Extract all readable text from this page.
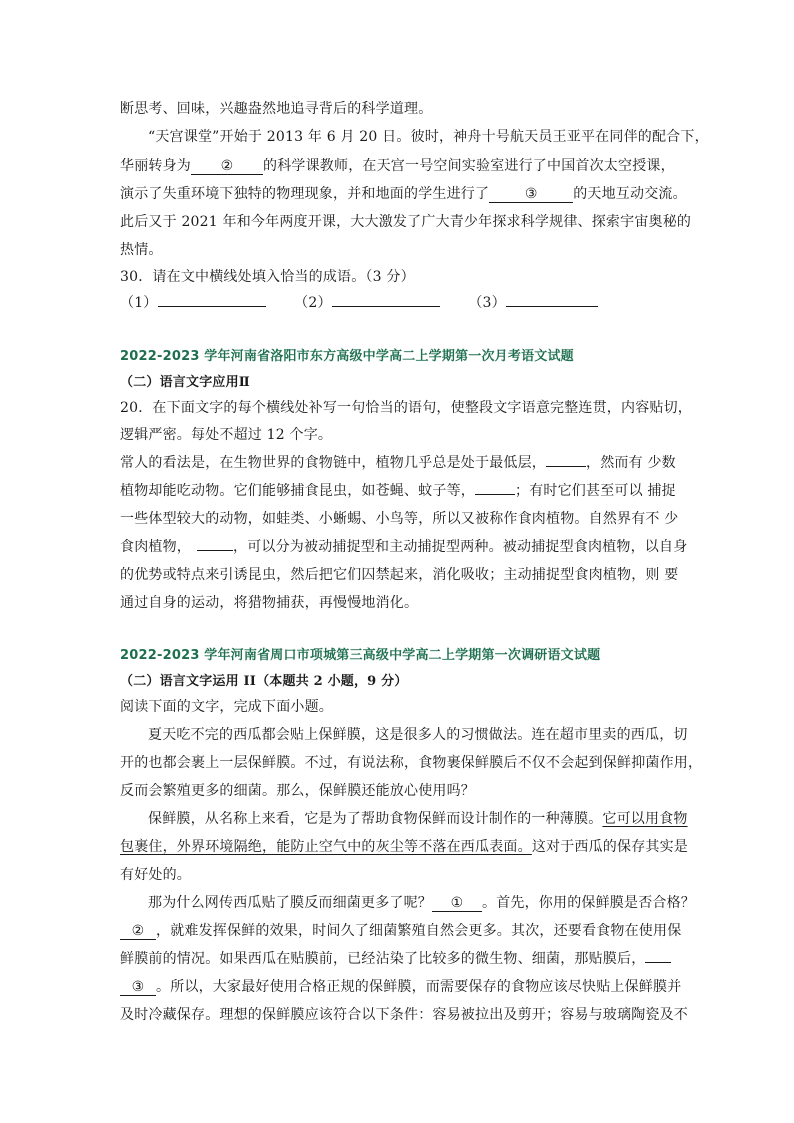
断思考、回味，兴趣盎然地追寻背后的科学道理。
“天宫课堂”开始于 2013 年 6 月 20 日。彼时，神舟十号航天员王亚平在同伴的配合下，
华丽转身为 ② 的科学课教师，在天宫一号空间实验室进行了中国首次太空授课，
演示了失重环境下独特的物理现象，并和地面的学生进行了	③	的天地互动交流。
此后又于 2021 年和今年两度开课，大大激发了广大青少年探求科学规律、探索宇宙奥秘的
热情。
30．请在文中横线处填入恰当的成语。（3 分）
（1）	（2）	（3）
2022-2023 学年河南省洛阳市东方高级中学高二上学期第一次月考语文试题
（二）语言文字应用Ⅱ
20．在下面文字的每个横线处补写一句恰当的语句，使整段文字语意完整连贯，内容贴切，
逻辑严密。每处不超过 12 个字。
常人的看法是，在生物世界的食物链中，植物几乎总是处于最低层，	，然而有 少数
植物却能吃动物。它们能够捕食昆虫，如苍蝇、蚊子等，	；有时它们甚至可以 捕捉
一些体型较大的动物，如蛙类、小蜥蜴、小鸟等，所以又被称作食肉植物。自然界有不 少
食肉植物，	，可以分为被动捕捉型和主动捕捉型两种。被动捕捉型食肉植物，以自身
的优势或特点来引诱昆虫，然后把它们囚禁起来，消化吸收；主动捕捉型食肉植物，则 要
通过自身的运动，将猎物捕获，再慢慢地消化。
2022-2023 学年河南省周口市项城第三高级中学高二上学期第一次调研语文试题
（二）语言文字运用 II（本题共 2 小题，9 分）
阅读下面的文字，完成下面小题。
夏天吃不完的西瓜都会贴上保鲜膜，这是很多人的习惯做法。连在超市里卖的西瓜，切
开的也都会裹上一层保鲜膜。不过，有说法称，食物裹保鲜膜后不仅不会起到保鲜抑菌作用，
反而会繁殖更多的细菌。那么，保鲜膜还能放心使用吗？
保鲜膜，从名称上来看，它是为了帮助食物保鲜而设计制作的一种薄膜。它可以用食物
包裹住，外界环境隔绝，能防止空气中的灰尘等不落在西瓜表面。这对于西瓜的保存其实是
有好处的。
那为什么网传西瓜贴了膜反而细菌更多了呢？ ① 。首先，你用的保鲜膜是否合格？
② ，就难发挥保鲜的效果，时间久了细菌繁殖自然会更多。其次，还要看食物在使用保
鲜膜前的情况。如果西瓜在贴膜前，已经沾染了比较多的微生物、细菌，那贴膜后，
③ 。所以，大家最好使用合格正规的保鲜膜，而需要保存的食物应该尽快贴上保鲜膜并
及时冷藏保存。理想的保鲜膜应该符合以下条件：容易被拉出及剪开；容易与玻璃陶瓷及不
